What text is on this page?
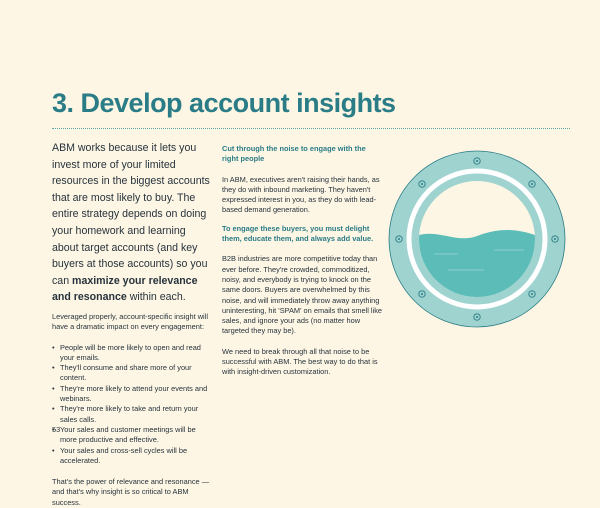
3. Develop account insights

ABM works because it lets you invest more of your limited resources in the biggest accounts that are most likely to buy. The entire strategy depends on doing your homework and learning about target accounts (and key buyers at those accounts) so you can maximize your relevance and resonance within each.

Leveraged properly, account-specific insight will have a dramatic impact on every engagement:

• People will be more likely to open and read your emails.
• They'll consume and share more of your content.
• They're more likely to attend your events and webinars.
• They're more likely to take and return your sales calls.
• Your sales and customer meetings will be more productive and effective.
• Your sales and cross-sell cycles will be accelerated.

That's the power of relevance and resonance — and that's why insight is so critical to ABM success.

Cut through the noise to engage with the right people

In ABM, executives aren't raising their hands, as they do with inbound marketing. They haven't expressed interest in you, as they do with lead-based demand generation.

To engage these buyers, you must delight them, educate them, and always add value.

B2B industries are more competitive today than ever before. They're crowded, commoditized, noisy, and everybody is trying to knock on the same doors. Buyers are overwhelmed by this noise, and will immediately throw away anything uninteresting, hit 'SPAM' on emails that smell like sales, and ignore your ads (no matter how targeted they may be).

We need to break through all that noise to be successful with ABM. The best way to do that is with insight-driven customization.

53
